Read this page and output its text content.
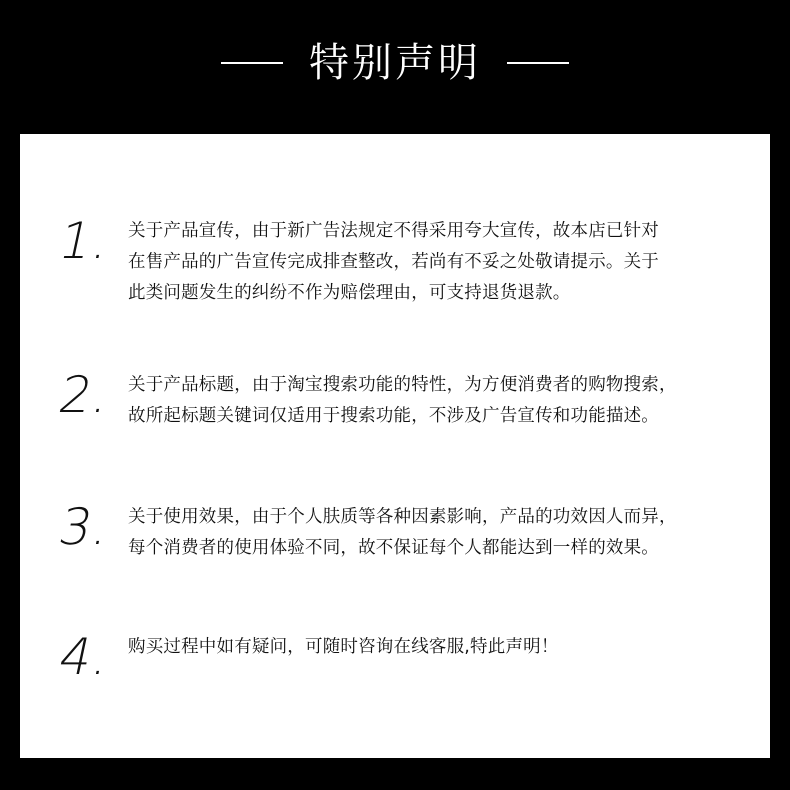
特别声明
1. 关于产品宣传，由于新广告法规定不得采用夸大宣传，故本店已针对
在售产品的广告宣传完成排查整改，若尚有不妥之处敬请提示。关于
此类问题发生的纠纷不作为赔偿理由，可支持退货退款。
2. 关于产品标题，由于淘宝搜索功能的特性，为方便消费者的购物搜索，
故所起标题关键词仅适用于搜索功能，不涉及广告宣传和功能描述。
3. 关于使用效果，由于个人肤质等各种因素影响，产品的功效因人而异，
每个消费者的使用体验不同，故不保证每个人都能达到一样的效果。
4. 购买过程中如有疑问，可随时咨询在线客服,特此声明！
